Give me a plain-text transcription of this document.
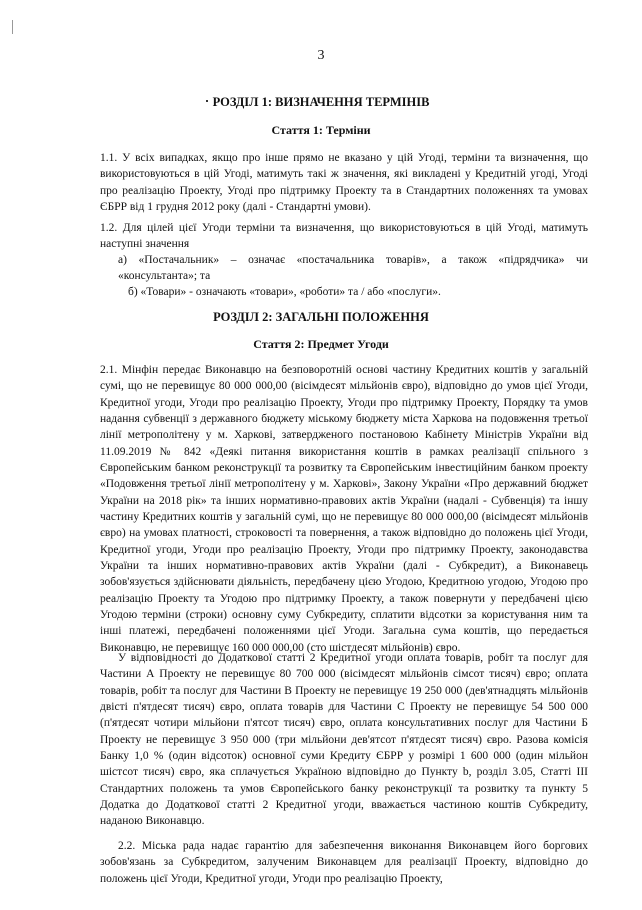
3
РОЗДІЛ 1: ВИЗНАЧЕННЯ ТЕРМІНІВ
Стаття 1: Терміни

1.1. У всіх випадках, якщо про інше прямо не вказано у цій Угоді, терміни та визначення, що використовуються в цій Угоді, матимуть такі ж значення, які викладені у Кредитній угоді, Угоді про реалізацію Проекту, Угоді про підтримку Проекту та в Стандартних положеннях та умовах ЄБРР від 1 грудня 2012 року (далі - Стандартні умови).

1.2. Для цілей цієї Угоди терміни та визначення, що використовуються в цій Угоді, матимуть наступні значення

а) «Постачальник» – означає «постачальника товарів», а також «підрядчика» чи «консультанта»; та
б) «Товари» - означають «товари», «роботи» та / або «послуги».
РОЗДІЛ 2: ЗАГАЛЬНІ ПОЛОЖЕННЯ
Стаття 2: Предмет Угоди

2.1. Мінфін передає Виконавцю на безповоротній основі частину Кредитних коштів у загальній сумі, що не перевищує 80 000 000,00 (вісімдесят мільйонів євро), відповідно до умов цієї Угоди, Кредитної угоди, Угоди про реалізацію Проекту, Угоди про підтримку Проекту, Порядку та умов надання субвенції з державного бюджету міському бюджету міста Харкова на подовження третьої лінії метрополітену у м. Харкові, затвердженого постановою Кабінету Міністрів України від 11.09.2019 № 842 «Деякі питання використання коштів в рамках реалізації спільного з Європейським банком реконструкції та розвитку та Європейським інвестиційним банком проекту «Подовження третьої лінії метрополітену у м. Харкові», Закону України «Про державний бюджет України на 2018 рік» та інших нормативно-правових актів України (надалі - Субвенція) та іншу частину Кредитних коштів у загальній сумі, що не перевищує 80 000 000,00 (вісімдесят мільйонів євро) на умовах платності, строковості та повернення, а також відповідно до положень цієї Угоди, Кредитної угоди, Угоди про реалізацію Проекту, Угоди про підтримку Проекту, законодавства України та інших нормативно-правових актів України (далі - Субкредит), а Виконавець зобов'язується здійснювати діяльність, передбачену цією Угодою, Кредитною угодою, Угодою про реалізацію Проекту та Угодою про підтримку Проекту, а також повернути у передбачені цією Угодою терміни (строки) основну суму Субкредиту, сплатити відсотки за користування ним та інші платежі, передбачені положеннями цієї Угоди. Загальна сума коштів, що передається Виконавцю, не перевищує 160 000 000,00 (сто шістдесят мільйонів) євро.

У відповідності до Додаткової статті 2 Кредитної угоди оплата товарів, робіт та послуг для Частини А Проекту не перевищує 80 700 000 (вісімдесят мільйонів сімсот тисяч) євро; оплата товарів, робіт та послуг для Частини В Проекту не перевищує 19 250 000 (дев'ятнадцять мільйонів двісті п'ятдесят тисяч) євро, оплата товарів для Частини С Проекту не перевищує 54 500 000 (п'ятдесят чотири мільйони п'ятсот тисяч) євро, оплата консультативних послуг для Частини Б Проекту не перевищує 3 950 000 (три мільйони дев'ятсот п'ятдесят тисяч) євро. Разова комісія Банку 1,0 % (один відсоток) основної суми Кредиту ЄБРР у розмірі 1 600 000 (один мільйон шістсот тисяч) євро, яка сплачується Україною відповідно до Пункту b, розділ 3.05, Статті III Стандартних положень та умов Європейського банку реконструкції та розвитку та пункту 5 Додатка до Додаткової статті 2 Кредитної угоди, вважається частиною коштів Субкредиту, наданою Виконавцю.

2.2. Міська рада надає гарантію для забезпечення виконання Виконавцем його боргових зобов'язань за Субкредитом, залученим Виконавцем для реалізації Проекту, відповідно до положень цієї Угоди, Кредитної угоди, Угоди про реалізацію Проекту,
